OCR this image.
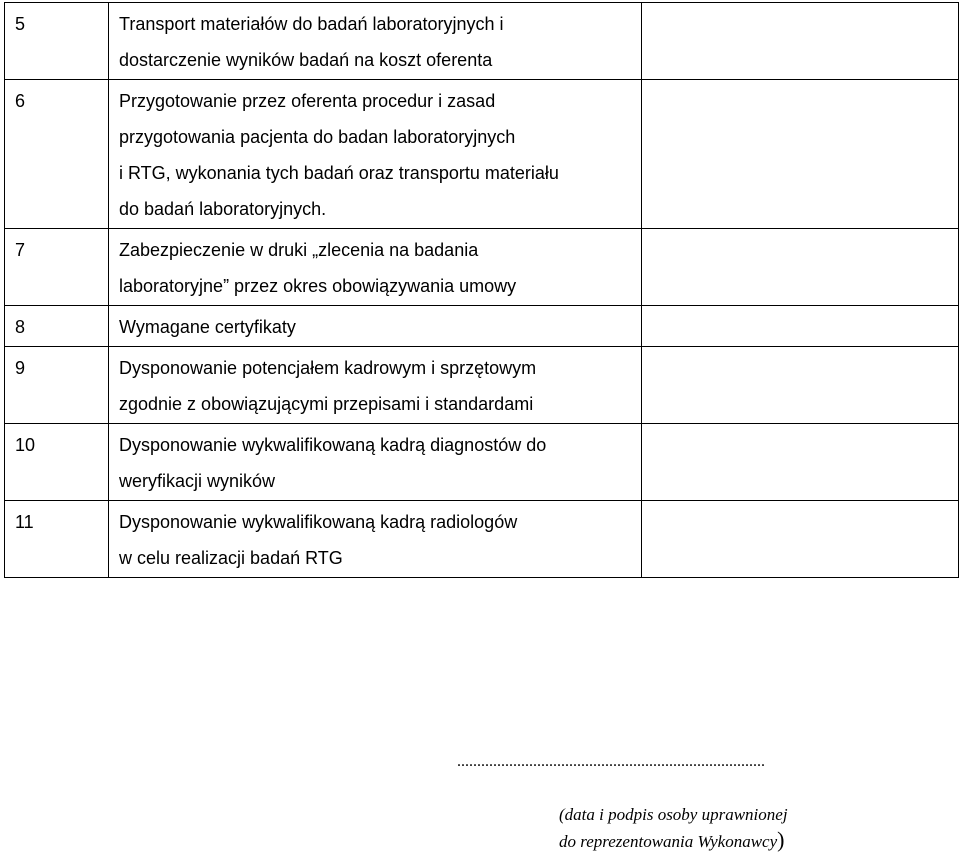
5	Transport materiałów do badań laboratoryjnych i
dostarczenie wyników badań na koszt oferenta	

6	Przygotowanie przez oferenta procedur i zasad
przygotowania pacjenta do badan laboratoryjnych
i RTG, wykonania tych badań oraz transportu materiału
do badań laboratoryjnych.	

7	Zabezpieczenie w druki „zlecenia na badania
laboratoryjne” przez okres obowiązywania umowy	

8	Wymagane certyfikaty	

9	Dysponowanie potencjałem kadrowym i sprzętowym
zgodnie z obowiązującymi przepisami i standardami	

10	Dysponowanie wykwalifikowaną kadrą diagnostów do
weryfikacji wyników	

11	Dysponowanie wykwalifikowaną kadrą radiologów
w celu realizacji badań RTG	

.............................................................................
(data i podpis osoby uprawnionej
do reprezentowania Wykonawcy)
